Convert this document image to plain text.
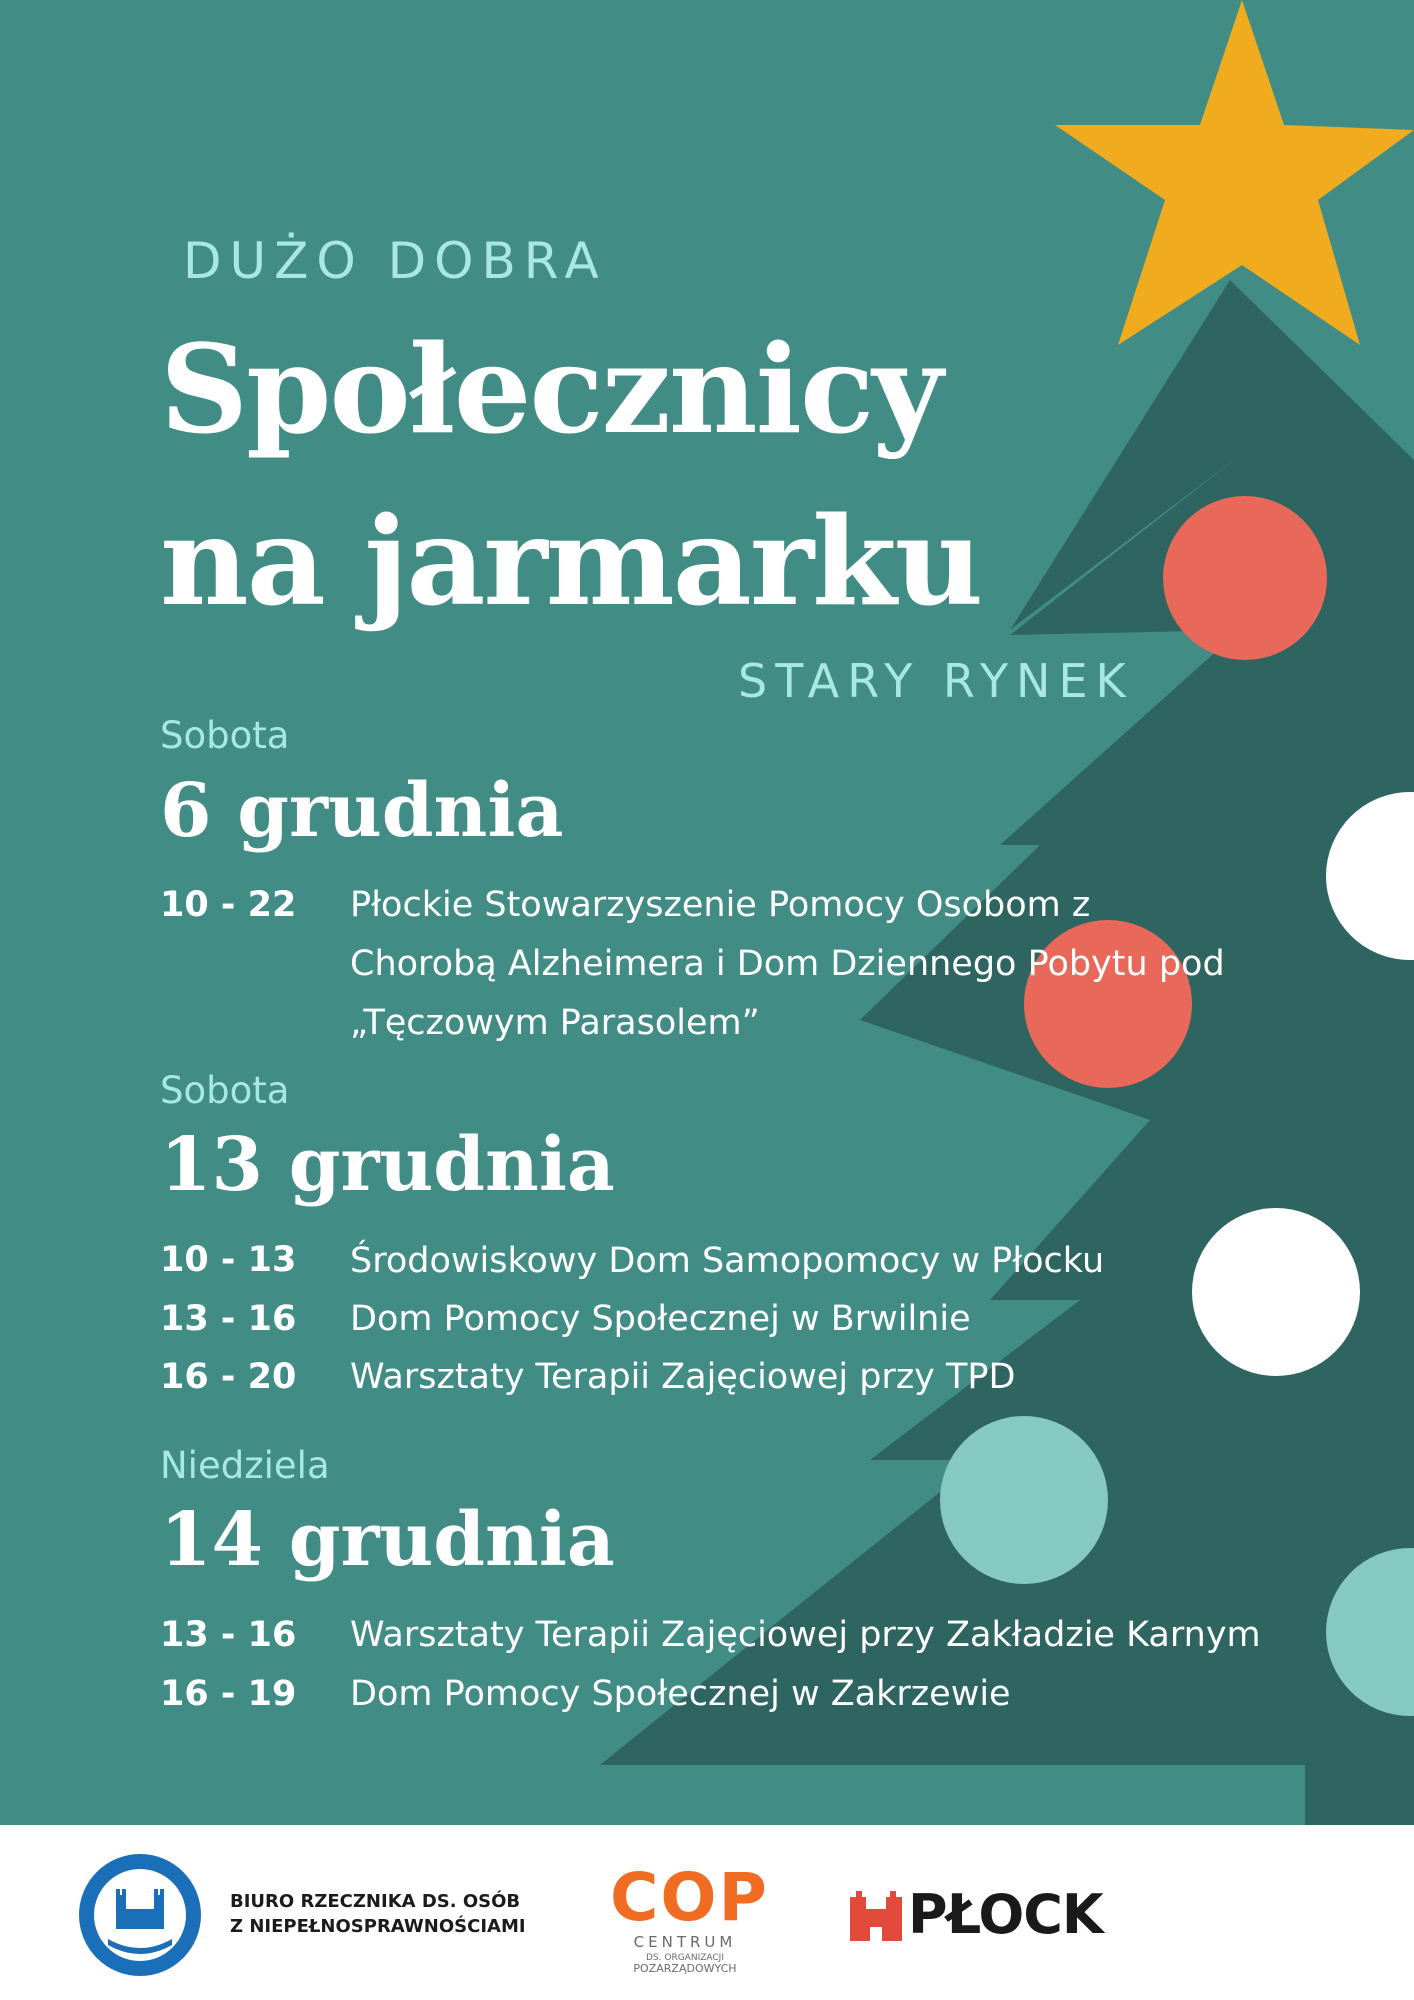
DUŻO DOBRA

Społecznicy

na jarmarku

STARY RYNEK

Sobota

6 grudnia

10 - 22 Płockie Stowarzyszenie Pomocy Osobom z

Chorobą Alzheimera i Dom Dziennego Pobytu pod

„Tęczowym Parasolem”

Sobota

13 grudnia

10 - 13 Środowiskowy Dom Samopomocy w Płocku

13 - 16 Dom Pomocy Społecznej w Brwilnie

16 - 20 Warsztaty Terapii Zajęciowej przy TPD

Niedziela

14 grudnia

13 - 16 Warsztaty Terapii Zajęciowej przy Zakładzie Karnym

16 - 19 Dom Pomocy Społecznej w Zakrzewie

BIURO RZECZNIKA DS. OSÓB

Z NIEPEŁNOSPRAWNOŚCIAMI COP

CENTRUM

DS. ORGANIZACJI

POZARZĄDOWYCH

PŁOCK
